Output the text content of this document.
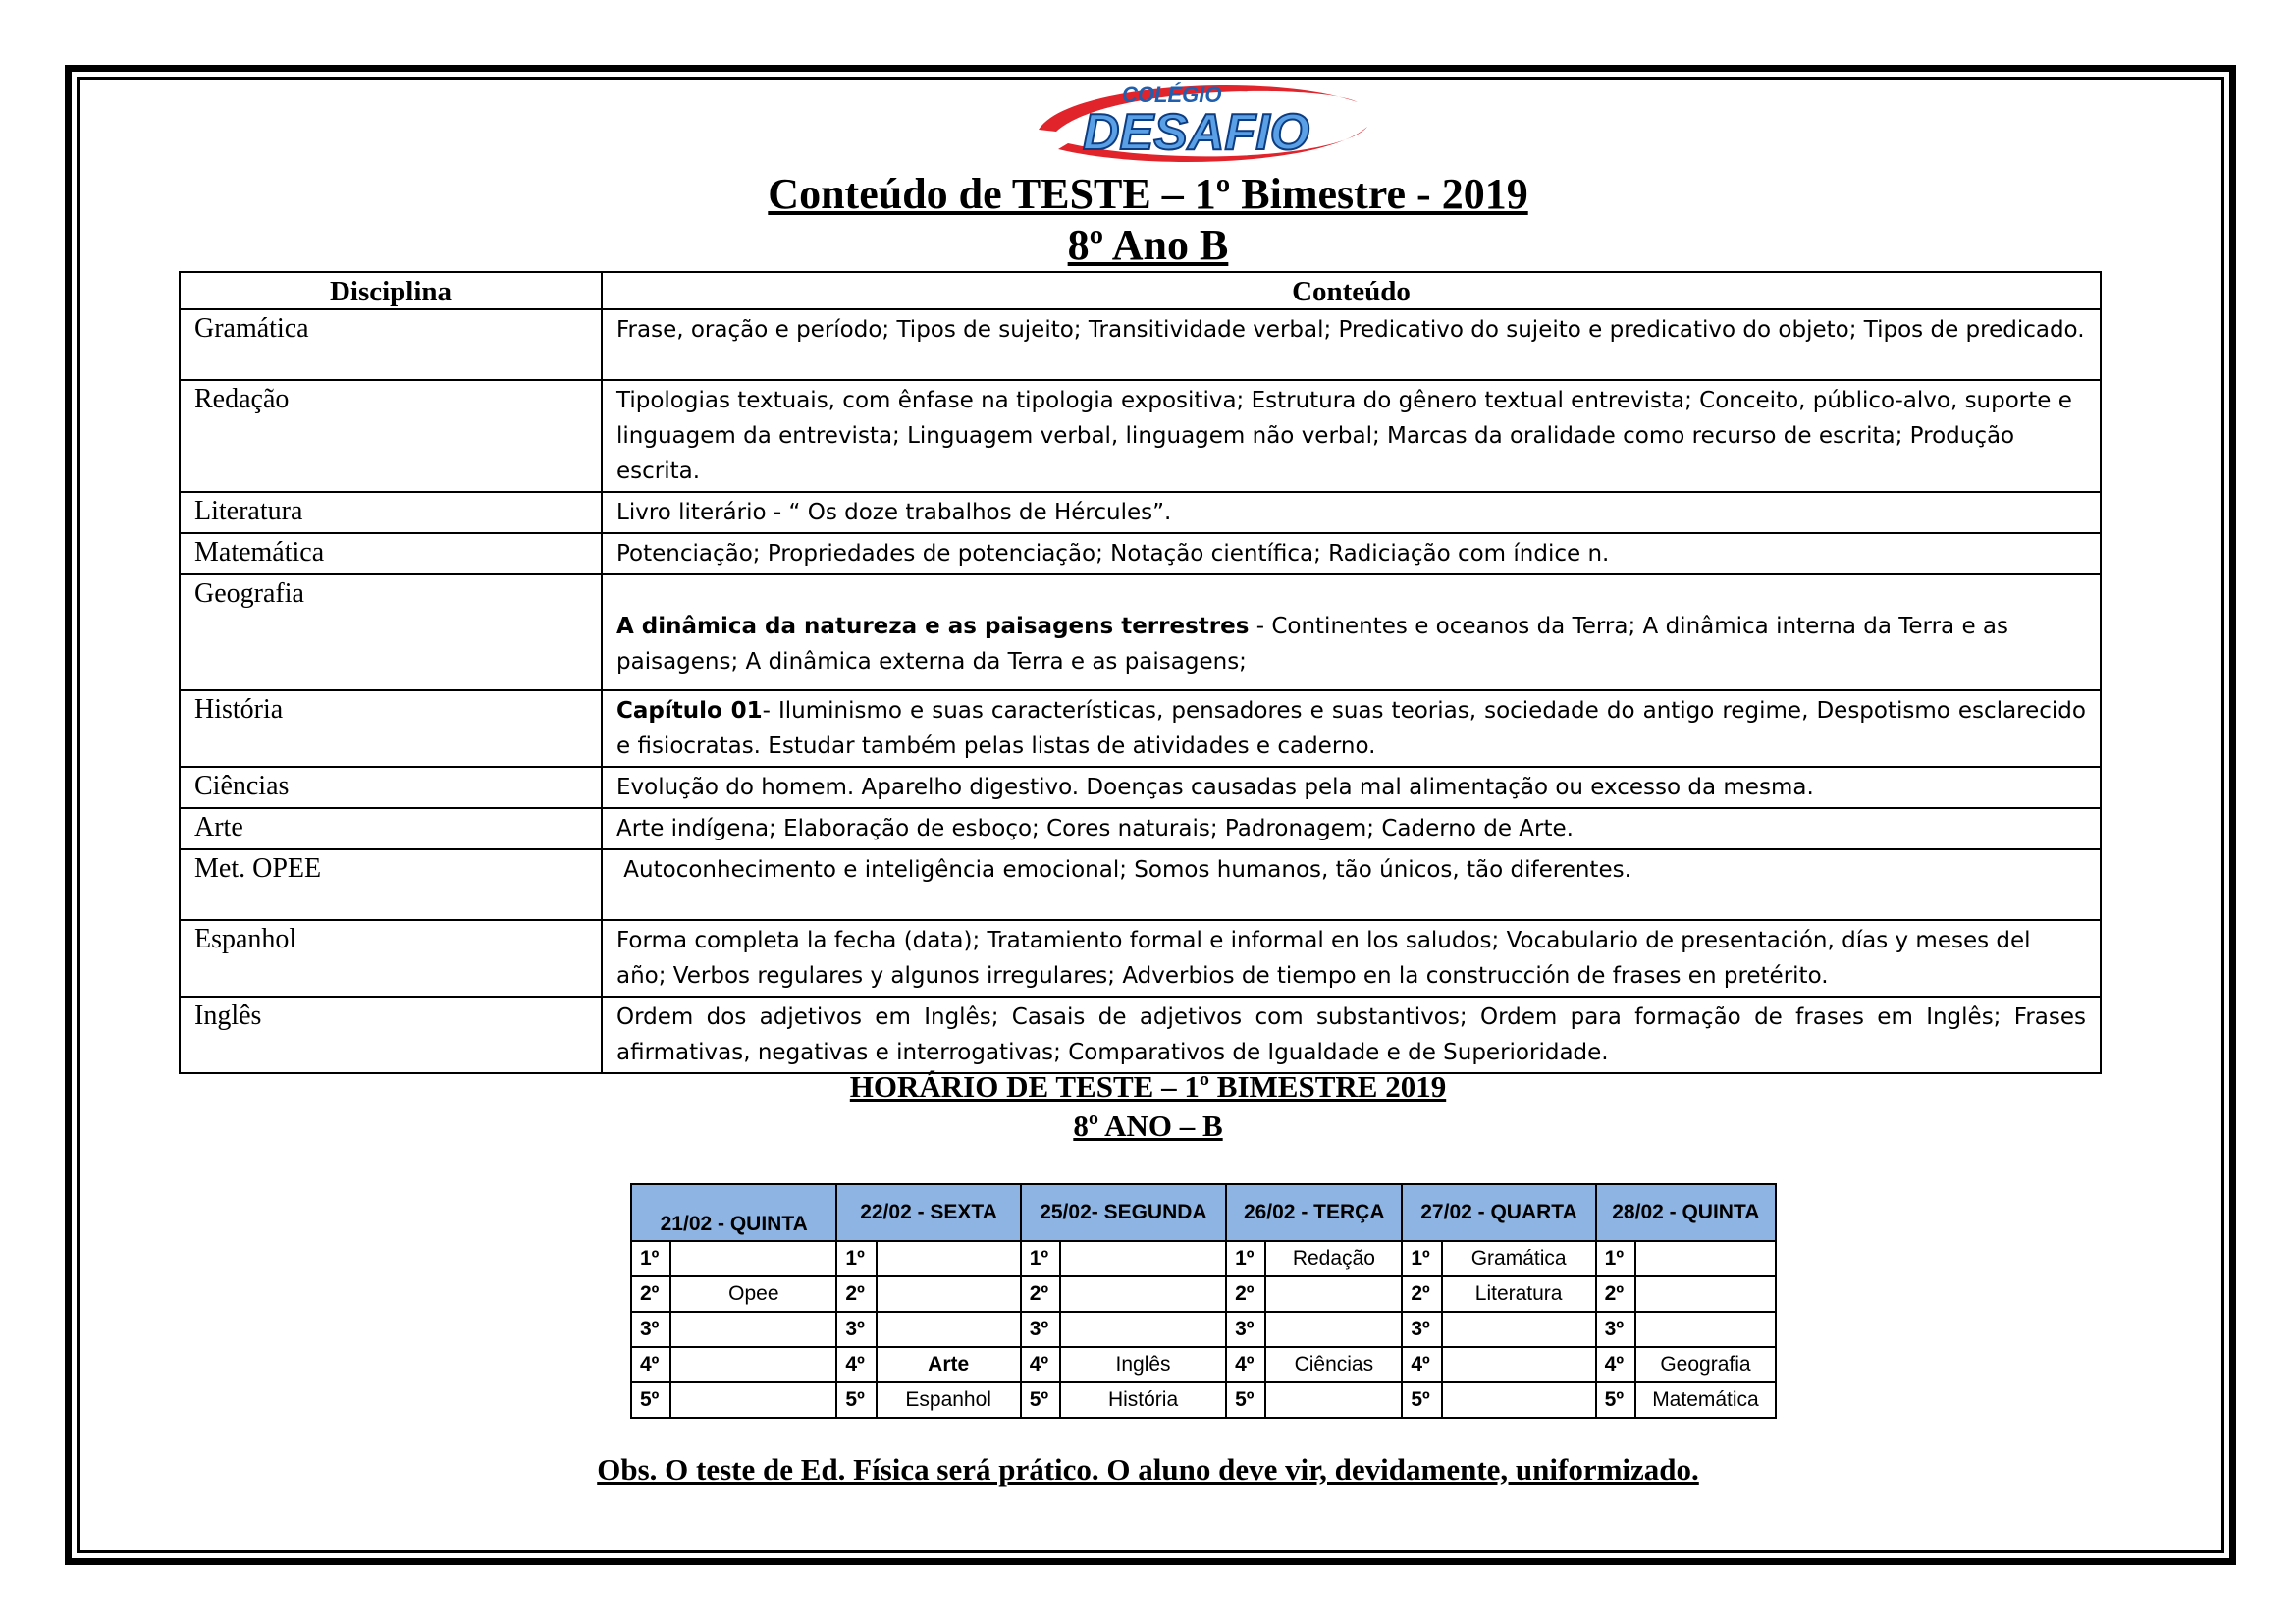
COLÉGIO
DESAFIO
Conteúdo de TESTE – 1º Bimestre - 2019
8º Ano B
Disciplina	Conteúdo
Gramática	Frase, oração e período; Tipos de sujeito; Transitividade verbal; Predicativo do sujeito e predicativo do objeto; Tipos de predicado.
Redação	Tipologias textuais, com ênfase na tipologia expositiva; Estrutura do gênero textual entrevista; Conceito, público-alvo, suporte e linguagem da entrevista; Linguagem verbal, linguagem não verbal; Marcas da oralidade como recurso de escrita; Produção escrita.
Literatura	Livro literário - “ Os doze trabalhos de Hércules”.
Matemática	Potenciação; Propriedades de potenciação; Notação científica; Radiciação com índice n.
Geografia	A dinâmica da natureza e as paisagens terrestres - Continentes e oceanos da Terra; A dinâmica interna da Terra e as paisagens; A dinâmica externa da Terra e as paisagens;
História	Capítulo 01- Iluminismo e suas características, pensadores e suas teorias, sociedade do antigo regime, Despotismo esclarecido e fisiocratas. Estudar também pelas listas de atividades e caderno.
Ciências	Evolução do homem. Aparelho digestivo. Doenças causadas pela mal alimentação ou excesso da mesma.
Arte	Arte indígena; Elaboração de esboço; Cores naturais; Padronagem; Caderno de Arte.
Met. OPEE	Autoconhecimento e inteligência emocional; Somos humanos, tão únicos, tão diferentes.
Espanhol	Forma completa la fecha (data); Tratamiento formal e informal en los saludos; Vocabulario de presentación, días y meses del año; Verbos regulares y algunos irregulares; Adverbios de tiempo en la construcción de frases en pretérito.
Inglês	Ordem dos adjetivos em Inglês; Casais de adjetivos com substantivos; Ordem para formação de frases em Inglês; Frases afirmativas, negativas e interrogativas; Comparativos de Igualdade e de Superioridade.
HORÁRIO DE TESTE – 1º BIMESTRE 2019
8º ANO – B
21/02 - QUINTA		22/02 - SEXTA		25/02- SEGUNDA		26/02 - TERÇA		27/02 - QUARTA		28/02 - QUINTA	
1º		1º		1º		1º	Redação	1º	Gramática	1º	
2º	Opee	2º		2º		2º		2º	Literatura	2º	
3º		3º		3º		3º		3º		3º	
4º		4º	Arte	4º	Inglês	4º	Ciências	4º		4º	Geografia
5º		5º	Espanhol	5º	História	5º		5º		5º	Matemática
Obs. O teste de Ed. Física será prático. O aluno deve vir, devidamente, uniformizado.
